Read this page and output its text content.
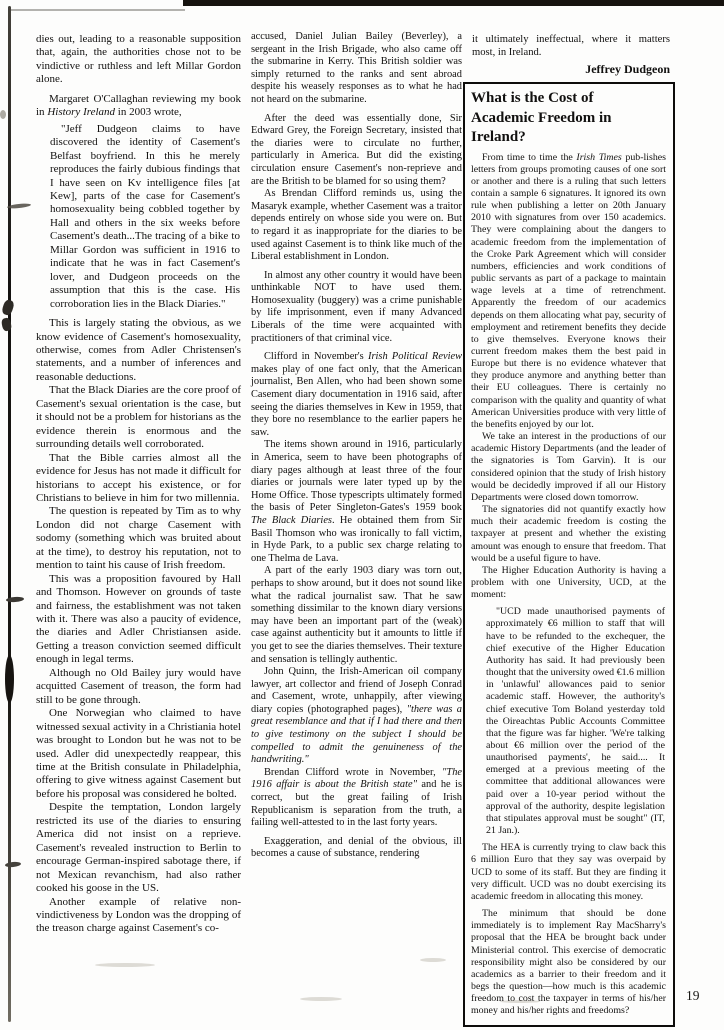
dies out, leading to a reasonable supposition that, again, the authorities chose not to be vindictive or ruthless and left Millar Gordon alone.

Margaret O'Callaghan reviewing my book in History Ireland in 2003 wrote,

"Jeff Dudgeon claims to have discovered the identity of Casement's Belfast boyfriend. In this he merely reproduces the fairly dubious findings that I have seen on Kv intelligence files [at Kew], parts of the case for Casement's homosexuality being cobbled together by Hall and others in the six weeks before Casement's death...The tracing of a bike to Millar Gordon was sufficient in 1916 to indicate that he was in fact Casement's lover, and Dudgeon proceeds on the assumption that this is the case. His corroboration lies in the Black Diaries."

This is largely stating the obvious, as we know evidence of Casement's homosexuality, otherwise, comes from Adler Christensen's statements, and a number of inferences and reasonable deductions.

That the Black Diaries are the core proof of Casement's sexual orientation is the case, but it should not be a problem for historians as the evidence therein is enormous and the surrounding details well corroborated.

That the Bible carries almost all the evidence for Jesus has not made it difficult for historians to accept his existence, or for Christians to believe in him for two millennia.

The question is repeated by Tim as to why London did not charge Casement with sodomy (something which was bruited about at the time), to destroy his reputation, not to mention to taint his cause of Irish freedom.

This was a proposition favoured by Hall and Thomson. However on grounds of taste and fairness, the establishment was not taken with it. There was also a paucity of evidence, the diaries and Adler Christiansen aside. Getting a treason conviction seemed difficult enough in legal terms.

Although no Old Bailey jury would have acquitted Casement of treason, the form had still to be gone through.

One Norwegian who claimed to have witnessed sexual activity in a Christiania hotel was brought to London but he was not to be used. Adler did unexpectedly reappear, this time at the British consulate in Philadelphia, offering to give witness against Casement but before his proposal was considered he bolted.

Despite the temptation, London largely restricted its use of the diaries to ensuring America did not insist on a reprieve. Casement's revealed instruction to Berlin to encourage German-inspired sabotage there, if not Mexican revanchism, had also rather cooked his goose in the US.

Another example of relative non-vindictiveness by London was the dropping of the treason charge against Casement's co-

accused, Daniel Julian Bailey (Beverley), a sergeant in the Irish Brigade, who also came off the submarine in Kerry. This British soldier was simply returned to the ranks and sent abroad despite his weasely responses as to what he had not heard on the submarine.

After the deed was essentially done, Sir Edward Grey, the Foreign Secretary, insisted that the diaries were to circulate no further, particularly in America. But did the existing circulation ensure Casement's non-reprieve and are the British to be blamed for so using them?

As Brendan Clifford reminds us, using the Masaryk example, whether Casement was a traitor depends entirely on whose side you were on. But to regard it as inappropriate for the diaries to be used against Casement is to think like much of the Liberal establishment in London.

In almost any other country it would have been unthinkable NOT to have used them. Homosexuality (buggery) was a crime punishable by life imprisonment, even if many Advanced Liberals of the time were acquainted with practitioners of that criminal vice.

Clifford in November's Irish Political Review makes play of one fact only, that the American journalist, Ben Allen, who had been shown some Casement diary documentation in 1916 said, after seeing the diaries themselves in Kew in 1959, that they bore no resemblance to the earlier papers he saw.

The items shown around in 1916, particularly in America, seem to have been photographs of diary pages although at least three of the four diaries or journals were later typed up by the Home Office. Those typescripts ultimately formed the basis of Peter Singleton-Gates's 1959 book The Black Diaries. He obtained them from Sir Basil Thomson who was ironically to fall victim, in Hyde Park, to a public sex charge relating to one Thelma de Lava.

A part of the early 1903 diary was torn out, perhaps to show around, but it does not sound like what the radical journalist saw. That he saw something dissimilar to the known diary versions may have been an important part of the (weak) case against authenticity but it amounts to little if you get to see the diaries themselves. Their texture and sensation is tellingly authentic.

John Quinn, the Irish-American oil company lawyer, art collector and friend of Joseph Conrad and Casement, wrote, unhappily, after viewing diary copies (photographed pages), "there was a great resemblance and that if I had there and then to give testimony on the subject I should be compelled to admit the genuineness of the handwriting."

Brendan Clifford wrote in November, "The 1916 affair is about the British state" and he is correct, but the great failing of Irish Republicanism is separation from the truth, a failing well-attested to in the last forty years.

Exaggeration, and denial of the obvious, ill becomes a cause of substance, rendering

it ultimately ineffectual, where it matters most, in Ireland.

Jeffrey Dudgeon
What is the Cost of
Academic Freedom in Ireland?

From time to time the Irish Times pub-lishes letters from groups promoting causes of one sort or another and there is a ruling that such letters contain a sample 6 signatures. It ignored its own rule when publishing a letter on 20th January 2010 with signatures from over 150 academics. They were complaining about the dangers to academic freedom from the implementation of the Croke Park Agreement which will consider numbers, efficiencies and work conditions of public servants as part of a package to maintain wage levels at a time of retrenchment. Apparently the freedom of our academics depends on them allocating what pay, security of employment and retirement benefits they decide to give themselves. Everyone knows their current freedom makes them the best paid in Europe but there is no evidence whatever that they produce anymore and anything better than their EU colleagues. There is certainly no comparison with the quality and quantity of what American Universities produce with very little of the benefits enjoyed by our lot.

We take an interest in the productions of our academic History Departments (and the leader of the signatories is Tom Garvin). It is our considered opinion that the study of Irish history would be decidedly improved if all our History Departments were closed down tomorrow.

The signatories did not quantify exactly how much their academic freedom is costing the taxpayer at present and whether the existing amount was enough to ensure that freedom. That would be a useful figure to have.

The Higher Education Authority is having a problem with one University, UCD, at the moment:

"UCD made unauthorised payments of approximately €6 million to staff that will have to be refunded to the exchequer, the chief executive of the Higher Education Authority has said. It had previously been thought that the university owed €1.6 million in 'unlawful' allowances paid to senior academic staff. However, the authority's chief executive Tom Boland yesterday told the Oireachtas Public Accounts Committee that the figure was far higher. 'We're talking about €6 million over the period of the unauthorised payments', he said.... It emerged at a previous meeting of the committee that additional allowances were paid over a 10-year period without the approval of the authority, despite legislation that stipulates approval must be sought" (IT, 21 Jan.).

The HEA is currently trying to claw back this 6 million Euro that they say was overpaid by UCD to some of its staff. But they are finding it very difficult. UCD was no doubt exercising its academic freedom in allocating this money.

The minimum that should be done immediately is to implement Ray MacSharry's proposal that the HEA be brought back under Ministerial control. This exercise of democratic responsibility might also be considered by our academics as a barrier to their freedom and it begs the question—how much is this academic freedom to cost the taxpayer in terms of his/her money and his/her rights and freedoms?

19
